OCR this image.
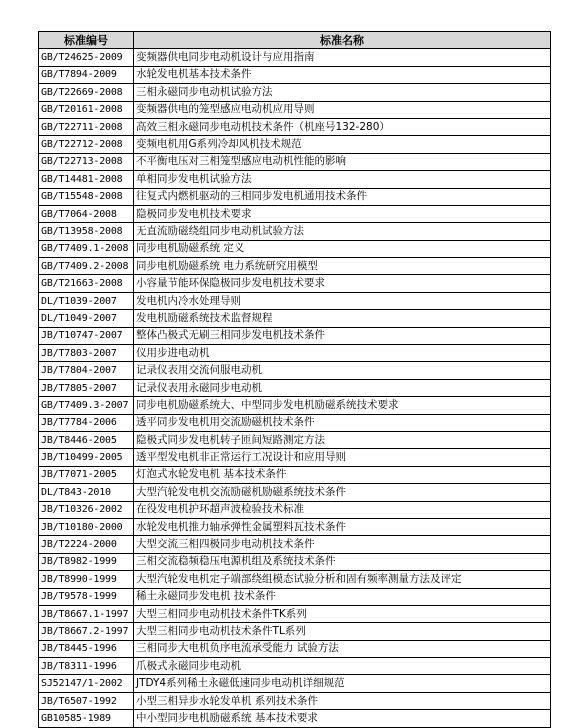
标准编号	标准名称
GB/T24625-2009	变频器供电同步电动机设计与应用指南
GB/T7894-2009	水轮发电机基本技术条件
GB/T22669-2008	三相永磁同步电动机试验方法
GB/T20161-2008	变频器供电的笼型感应电动机应用导则
GB/T22711-2008	高效三相永磁同步电动机技术条件（机座号132-280）
GB/T22712-2008	变频电机用G系列冷却风机技术规范
GB/T22713-2008	不平衡电压对三相笼型感应电动机性能的影响
GB/T14481-2008	单相同步发电机试验方法
GB/T15548-2008	往复式内燃机驱动的三相同步发电机通用技术条件
GB/T7064-2008	隐极同步发电机技术要求
GB/T13958-2008	无直流励磁绕组同步电动机试验方法
GB/T7409.1-2008	同步电机励磁系统 定义
GB/T7409.2-2008	同步电机励磁系统 电力系统研究用模型
GB/T21663-2008	小容量节能环保隐极同步发电机技术要求
DL/T1039-2007	发电机内冷水处理导则
DL/T1049-2007	发电机励磁系统技术监督规程
JB/T10747-2007	整体凸极式无刷三相同步发电机技术条件
JB/T7803-2007	仪用步进电动机
JB/T7804-2007	记录仪表用交流伺服电动机
JB/T7805-2007	记录仪表用永磁同步电动机
GB/T7409.3-2007	同步电机励磁系统大、中型同步发电机励磁系统技术要求
JB/T7784-2006	透平同步发电机用交流励磁机技术条件
JB/T8446-2005	隐极式同步发电机转子匝间短路测定方法
JB/T10499-2005	透平型发电机非正常运行工况设计和应用导则
JB/T7071-2005	灯泡式水轮发电机 基本技术条件
DL/T843-2010	大型汽轮发电机交流励磁机励磁系统技术条件
JB/T10326-2002	在役发电机护环超声波检验技术标准
JB/T10180-2000	水轮发电机推力轴承弹性金属塑料瓦技术条件
JB/T2224-2000	大型交流三相四极同步电动机技术条件
JB/T8982-1999	三相交流稳频稳压电源机组及系统技术条件
JB/T8990-1999	大型汽轮发电机定子端部绕组模态试验分析和固有频率测量方法及评定
JB/T9578-1999	稀土永磁同步发电机 技术条件
JB/T8667.1-1997	大型三相同步电动机技术条件TK系列
JB/T8667.2-1997	大型三相同步电动机技术条件TL系列
JB/T8445-1996	三相同步大电机负序电流承受能力 试验方法
JB/T8311-1996	爪极式永磁同步电动机
SJ52147/1-2002	JTDY4系列稀土永磁低速同步电动机详细规范
JB/T6507-1992	小型三相异步水轮发单机 系列技术条件
GB10585-1989	中小型同步电机励磁系统 基本技术要求
